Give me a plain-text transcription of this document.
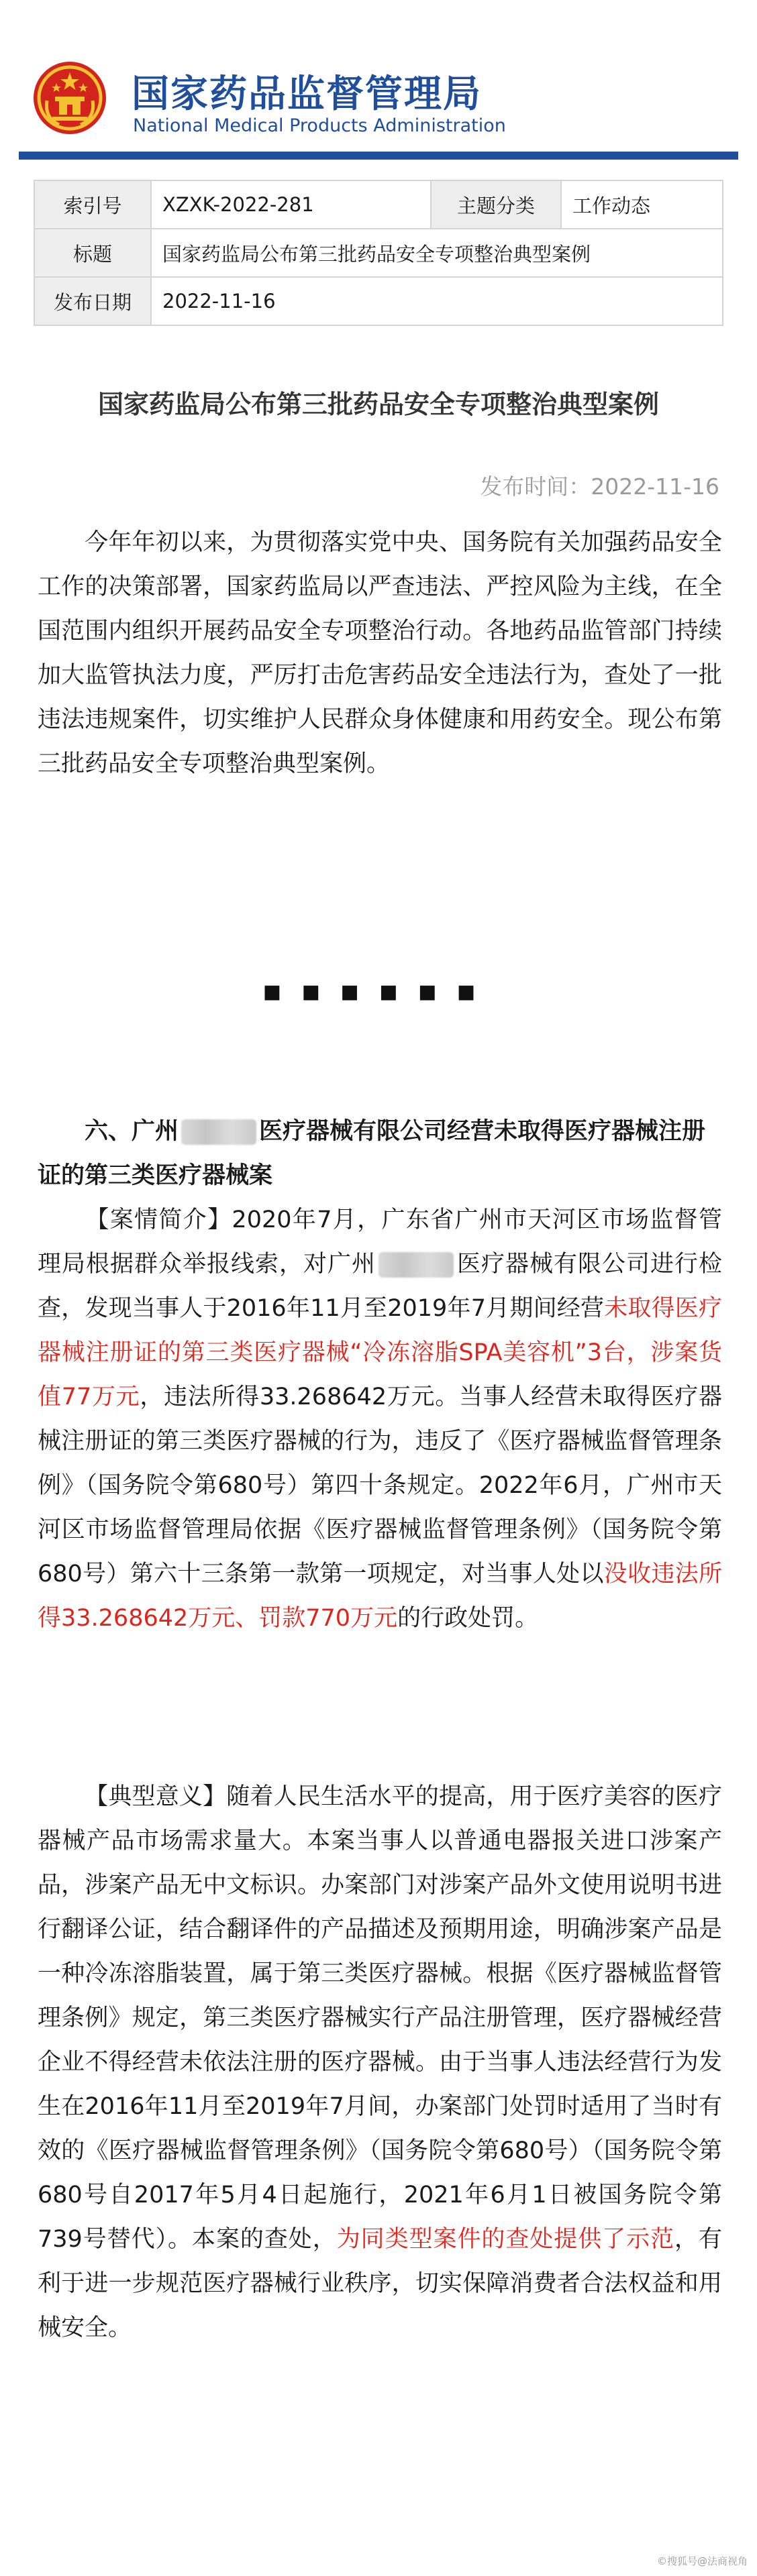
国家药品监督管理局
National Medical Products Administration
索引号	XZXK-2022-281	主题分类	工作动态
标题	国家药监局公布第三批药品安全专项整治典型案例		
发布日期	2022-11-16		
国家药监局公布第三批药品安全专项整治典型案例
发布时间：2022-11-16

今年年初以来，为贯彻落实党中央、国务院有关加强药品安全工作的决策部署，国家药监局以严查违法、严控风险为主线，在全国范围内组织开展药品安全专项整治行动。各地药品监管部门持续加大监管执法力度，严厉打击危害药品安全违法行为，查处了一批违法违规案件，切实维护人民群众身体健康和用药安全。现公布第三批药品安全专项整治典型案例。

▪▪▪▪▪▪

六、广州	医疗器械有限公司经营未取得医疗器械注册证的第三类医疗器械案

【案情简介】2020年7月，广东省广州市天河区市场监督管理局根据群众举报线索，对广州	医疗器械有限公司进行检查，发现当事人于2016年11月至2019年7月期间经营未取得医疗器械注册证的第三类医疗器械“冷冻溶脂SPA美容机”3台，涉案货值77万元，违法所得33.268642万元。当事人经营未取得医疗器械注册证的第三类医疗器械的行为，违反了《医疗器械监督管理条例》（国务院令第680号）第四十条规定。2022年6月，广州市天河区市场监督管理局依据《医疗器械监督管理条例》（国务院令第680号）第六十三条第一款第一项规定，对当事人处以没收违法所得33.268642万元、罚款770万元的行政处罚。

【典型意义】随着人民生活水平的提高，用于医疗美容的医疗器械产品市场需求量大。本案当事人以普通电器报关进口涉案产品，涉案产品无中文标识。办案部门对涉案产品外文使用说明书进行翻译公证，结合翻译件的产品描述及预期用途，明确涉案产品是一种冷冻溶脂装置，属于第三类医疗器械。根据《医疗器械监督管理条例》规定，第三类医疗器械实行产品注册管理，医疗器械经营企业不得经营未依法注册的医疗器械。由于当事人违法经营行为发生在2016年11月至2019年7月间，办案部门处罚时适用了当时有效的《医疗器械监督管理条例》（国务院令第680号）（国务院令第680号自2017年5月4日起施行，2021年6月1日被国务院令第739号替代）。本案的查处，为同类型案件的查处提供了示范，有利于进一步规范医疗器械行业秩序，切实保障消费者合法权益和用械安全。

©搜狐号@法商视角
